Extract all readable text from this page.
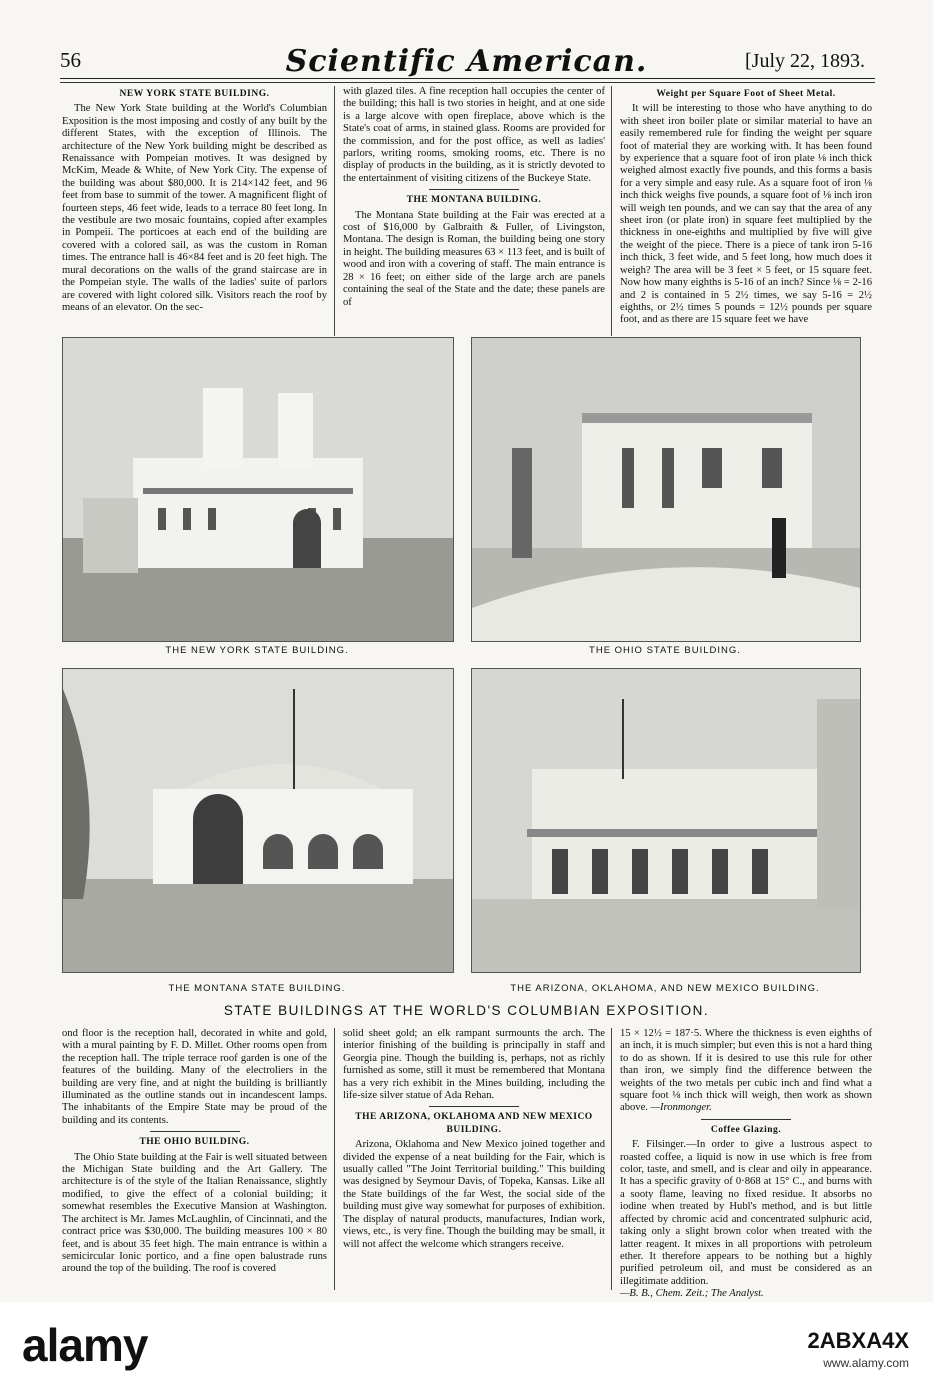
56	Scientific American.	[July 22, 1893.
NEW YORK STATE BUILDING.

The New York State building at the World's Columbian Exposition is the most imposing and costly of any built by the different States, with the exception of Illinois. The architecture of the New York building might be described as Renaissance with Pompeian motives. It was designed by McKim, Meade & White, of New York City. The expense of the building was about $80,000. It is 214×142 feet, and 96 feet from base to summit of the tower. A magnificent flight of fourteen steps, 46 feet wide, leads to a terrace 80 feet long. In the vestibule are two mosaic fountains, copied after examples in Pompeii. The porticoes at each end of the building are covered with a colored sail, as was the custom in Roman times. The entrance hall is 46×84 feet and is 20 feet high. The mural decorations on the walls of the grand staircase are in the Pompeian style. The walls of the ladies' suite of parlors are covered with light colored silk. Visitors reach the roof by means of an elevator. On the sec-

with glazed tiles. A fine reception hall occupies the center of the building; this hall is two stories in height, and at one side is a large alcove with open fireplace, above which is the State's coat of arms, in stained glass. Rooms are provided for the commission, and for the post office, as well as ladies' parlors, writing rooms, smoking rooms, etc. There is no display of products in the building, as it is strictly devoted to the entertainment of visiting citizens of the Buckeye State.

THE MONTANA BUILDING.

The Montana State building at the Fair was erected at a cost of $16,000 by Galbraith & Fuller, of Livingston, Montana. The design is Roman, the building being one story in height. The building measures 63 × 113 feet, and is built of wood and iron with a covering of staff. The main entrance is 28 × 16 feet; on either side of the large arch are panels containing the seal of the State and the date; these panels are of

Weight per Square Foot of Sheet Metal.

It will be interesting to those who have anything to do with sheet iron boiler plate or similar material to have an easily remembered rule for finding the weight per square foot of material they are working with. It has been found by experience that a square foot of iron plate ⅛ inch thick weighed almost exactly five pounds, and this forms a basis for a very simple and easy rule. As a square foot of iron ⅛ inch thick weighs five pounds, a square foot of ⅛ inch iron will weigh ten pounds, and we can say that the area of any sheet iron (or plate iron) in square feet multiplied by the thickness in one-eighths and multiplied by five will give the weight of the piece. There is a piece of tank iron 5-16 inch thick, 3 feet wide, and 5 feet long, how much does it weigh? The area will be 3 feet × 5 feet, or 15 square feet. Now how many eighths is 5-16 of an inch? Since ⅛ = 2-16 and 2 is contained in 5 2½ times, we say 5-16 = 2½ eighths, or 2½ times 5 pounds = 12½ pounds per square foot, and as there are 15 square feet we have

THE NEW YORK STATE BUILDING.	THE OHIO STATE BUILDING.
THE MONTANA STATE BUILDING.	THE ARIZONA, OKLAHOMA, AND NEW MEXICO BUILDING.
STATE BUILDINGS AT THE WORLD'S COLUMBIAN EXPOSITION.

ond floor is the reception hall, decorated in white and gold, with a mural painting by F. D. Millet. Other rooms open from the reception hall. The triple terrace roof garden is one of the features of the building. Many of the electroliers in the building are very fine, and at night the building is brilliantly illuminated as the outline stands out in incandescent lamps. The inhabitants of the Empire State may be proud of the building and its contents.

THE OHIO BUILDING.

The Ohio State building at the Fair is well situated between the Michigan State building and the Art Gallery. The architecture is of the style of the Italian Renaissance, slightly modified, to give the effect of a colonial building; it somewhat resembles the Executive Mansion at Washington. The architect is Mr. James McLaughlin, of Cincinnati, and the contract price was $30,000. The building measures 100 × 80 feet, and is about 35 feet high. The main entrance is within a semicircular Ionic portico, and a fine open balustrade runs around the top of the building. The roof is covered

solid sheet gold; an elk rampant surmounts the arch. The interior finishing of the building is principally in staff and Georgia pine. Though the building is, perhaps, not as richly furnished as some, still it must be remembered that Montana has a very rich exhibit in the Mines building, including the life-size silver statue of Ada Rehan.

THE ARIZONA, OKLAHOMA AND NEW MEXICO BUILDING.

Arizona, Oklahoma and New Mexico joined together and divided the expense of a neat building for the Fair, which is usually called "The Joint Territorial building." This building was designed by Seymour Davis, of Topeka, Kansas. Like all the State buildings of the far West, the social side of the building must give way somewhat for purposes of exhibition. The display of natural products, manufactures, Indian work, views, etc., is very fine. Though the building may be small, it will not affect the welcome which strangers receive.

15 × 12½ = 187·5. Where the thickness is even eighths of an inch, it is much simpler; but even this is not a hard thing to do as shown. If it is desired to use this rule for other than iron, we simply find the difference between the weights of the two metals per cubic inch and find what a square foot ⅛ inch thick will weigh, then work as shown above. —Ironmonger.

Coffee Glazing.

F. Filsinger.—In order to give a lustrous aspect to roasted coffee, a liquid is now in use which is free from color, taste, and smell, and is clear and oily in appearance. It has a specific gravity of 0·868 at 15° C., and burns with a sooty flame, leaving no fixed residue. It absorbs no iodine when treated by Hubl's method, and is but little affected by chromic acid and concentrated sulphuric acid, taking only a slight brown color when treated with the latter reagent. It mixes in all proportions with petroleum ether. It therefore appears to be nothing but a highly purified petroleum oil, and must be considered as an illegitimate addition.
—B. B., Chem. Zeit.; The Analyst.

alamy	2ABXA4X
www.alamy.com
